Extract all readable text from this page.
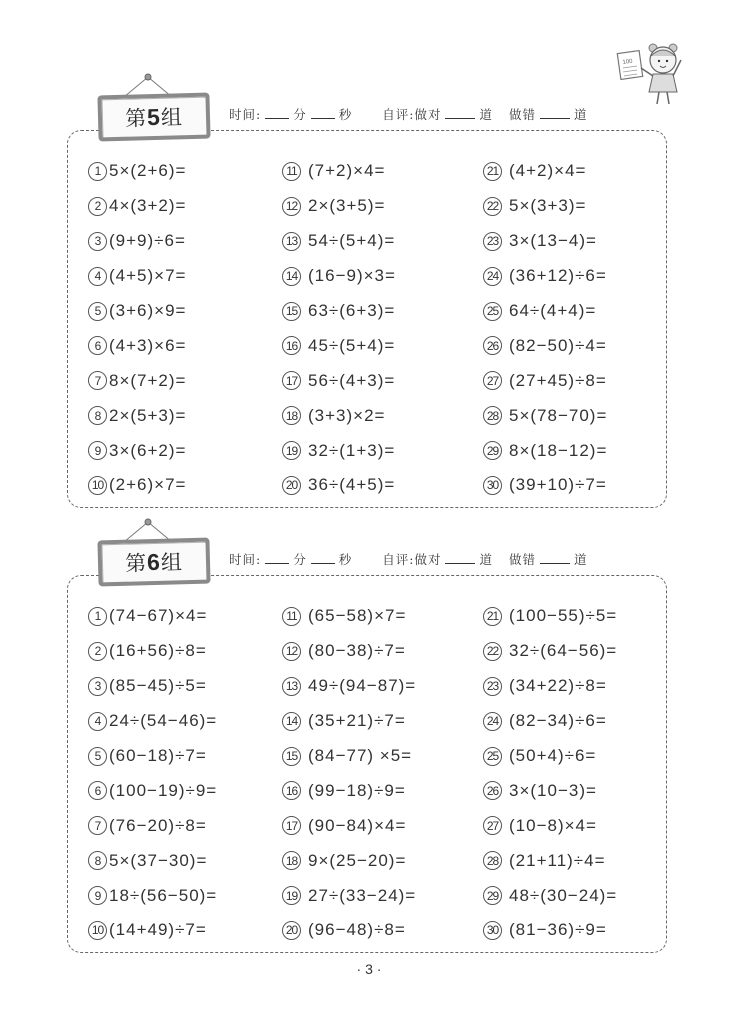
100
第5组	时间:	分	秒 自评:做对	道 做错	道
1 5×(2+6)=
2 4×(3+2)=
3 (9+9)÷6=
4 (4+5)×7=
5 (3+6)×9=
6 (4+3)×6=
7 8×(7+2)=
8 2×(5+3)=
9 3×(6+2)=
10 (2+6)×7=
11 (7+2)×4=
12 2×(3+5)=
13 54÷(5+4)=
14 (16−9)×3=
15 63÷(6+3)=
16 45÷(5+4)=
17 56÷(4+3)=
18 (3+3)×2=
19 32÷(1+3)=
20 36÷(4+5)=
21 (4+2)×4=
22 5×(3+3)=
23 3×(13−4)=
24 (36+12)÷6=
25 64÷(4+4)=
26 (82−50)÷4=
27 (27+45)÷8=
28 5×(78−70)=
29 8×(18−12)=
30 (39+10)÷7=
第6组	时间:	分	秒 自评:做对	道 做错	道
1 (74−67)×4=
2 (16+56)÷8=
3 (85−45)÷5=
4 24÷(54−46)=
5 (60−18)÷7=
6 (100−19)÷9=
7 (76−20)÷8=
8 5×(37−30)=
9 18÷(56−50)=
10 (14+49)÷7=
11 (65−58)×7=
12 (80−38)÷7=
13 49÷(94−87)=
14 (35+21)÷7=
15 (84−77) ×5=
16 (99−18)÷9=
17 (90−84)×4=
18 9×(25−20)=
19 27÷(33−24)=
20 (96−48)÷8=
21 (100−55)÷5=
22 32÷(64−56)=
23 (34+22)÷8=
24 (82−34)÷6=
25 (50+4)÷6=
26 3×(10−3)=
27 (10−8)×4=
28 (21+11)÷4=
29 48÷(30−24)=
30 (81−36)÷9=
· 3 ·
